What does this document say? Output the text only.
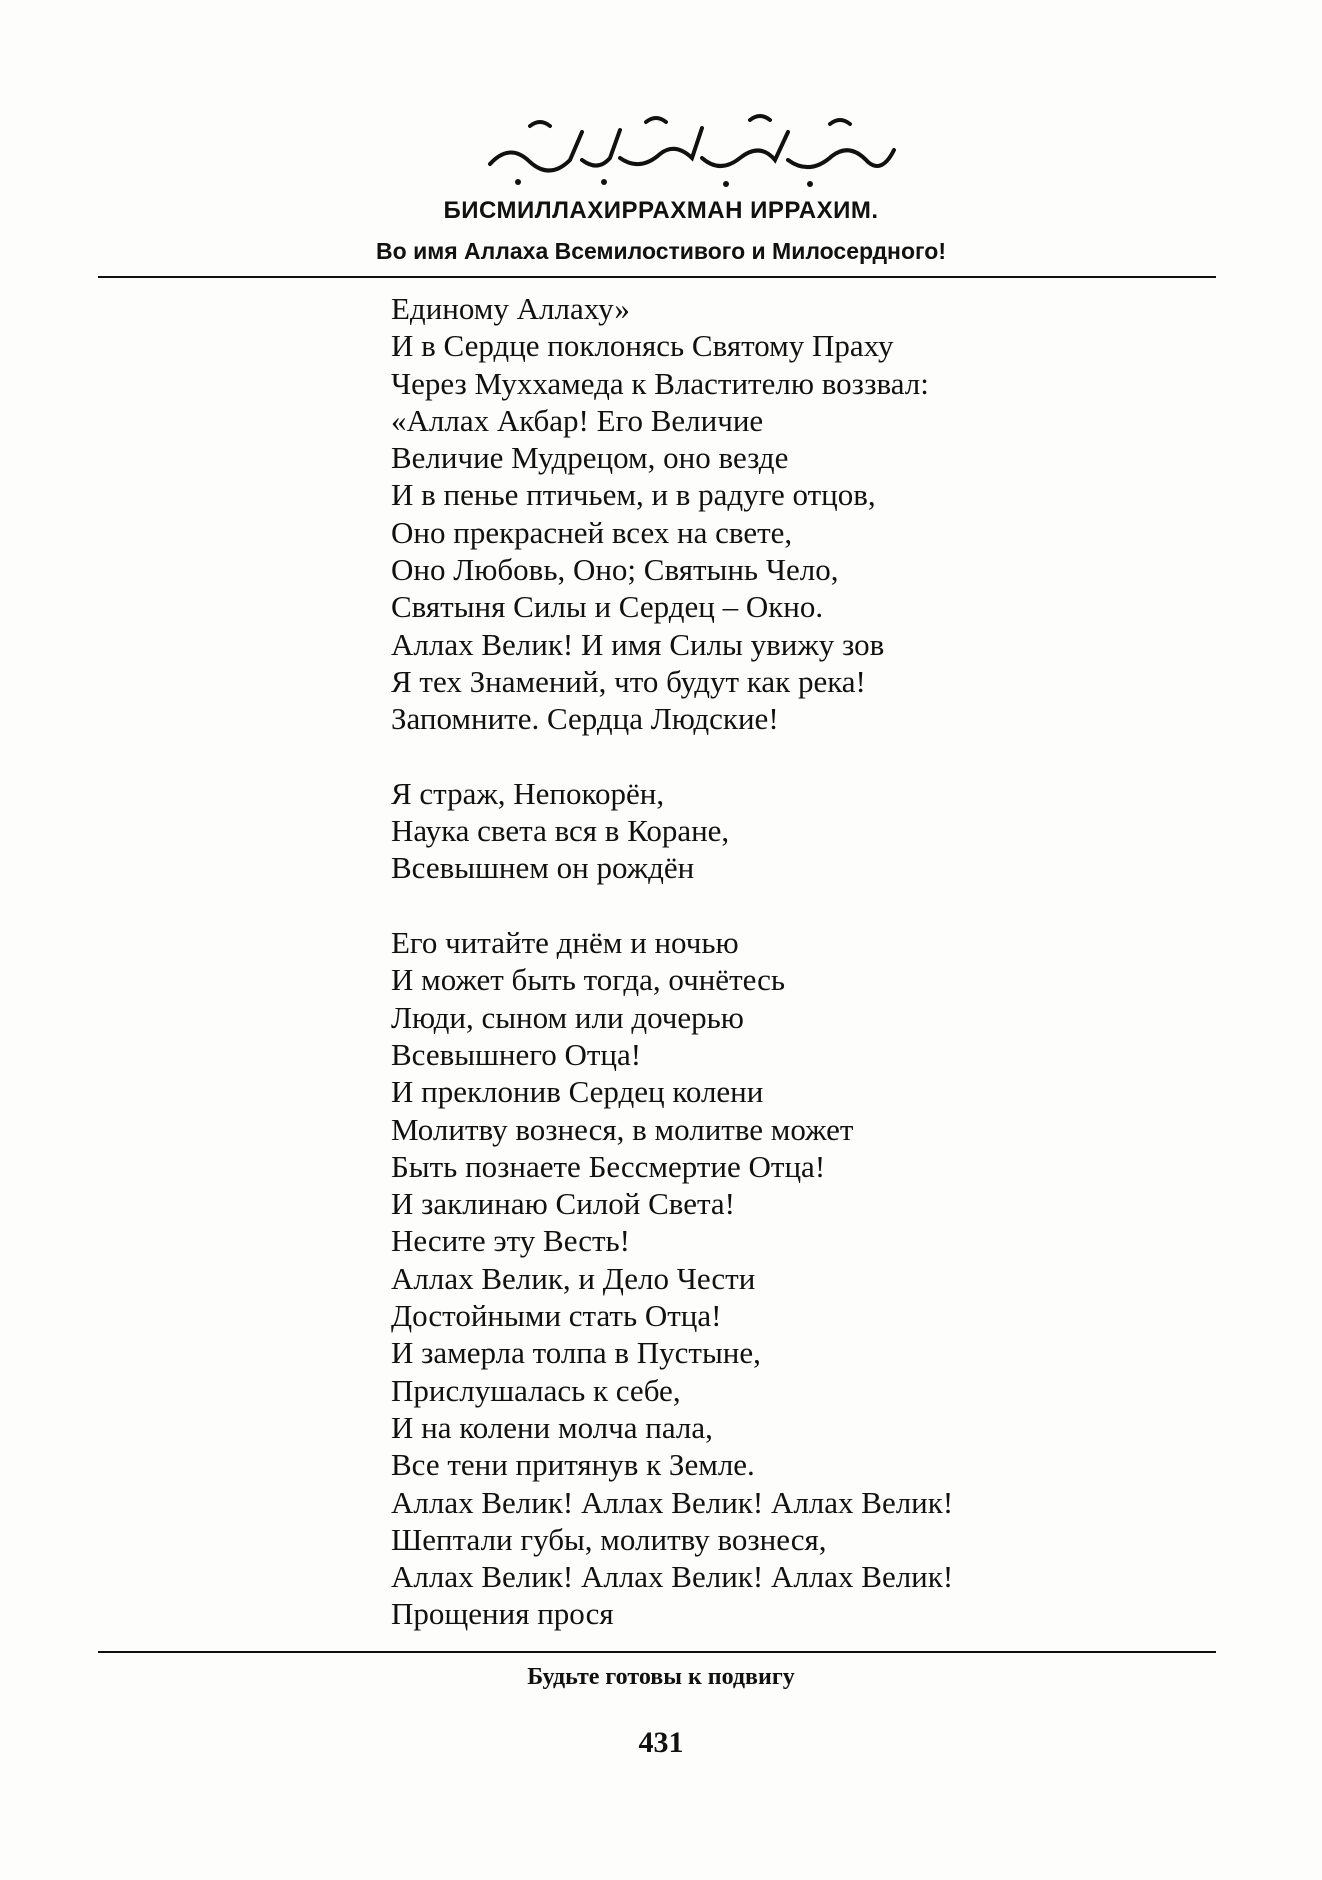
БИСМИЛЛАХИРРАХМАН ИРРАХИМ.
Во имя Аллаха Всемилостивого и Милосердного!
Единому Аллаху»
И в Сердце поклонясь Святому Праху
Через Муххамеда к Властителю воззвал:
«Аллах Акбар! Его Величие
Величие Мудрецом, оно везде
И в пенье птичьем, и в радуге отцов,
Оно прекрасней всех на свете,
Оно Любовь, Оно; Святынь Чело,
Святыня Силы и Сердец – Окно.
Аллах Велик! И имя Силы увижу зов
Я тех Знамений, что будут как река!
Запомните. Сердца Людские!
Я страж, Непокорён,
Наука света вся в Коране,
Всевышнем он рождён
Его читайте днём и ночью
И может быть тогда, очнётесь
Люди, сыном или дочерью
Всевышнего Отца!
И преклонив Сердец колени
Молитву вознеся, в молитве может
Быть познаете Бессмертие Отца!
И заклинаю Силой Света!
Несите эту Весть!
Аллах Велик, и Дело Чести
Достойными стать Отца!
И замерла толпа в Пустыне,
Прислушалась к себе,
И на колени молча пала,
Все тени притянув к Земле.
Аллах Велик! Аллах Велик! Аллах Велик!
Шептали губы, молитву вознеся,
Аллах Велик! Аллах Велик! Аллах Велик!
Прощения прося
Будьте готовы к подвигу
431
